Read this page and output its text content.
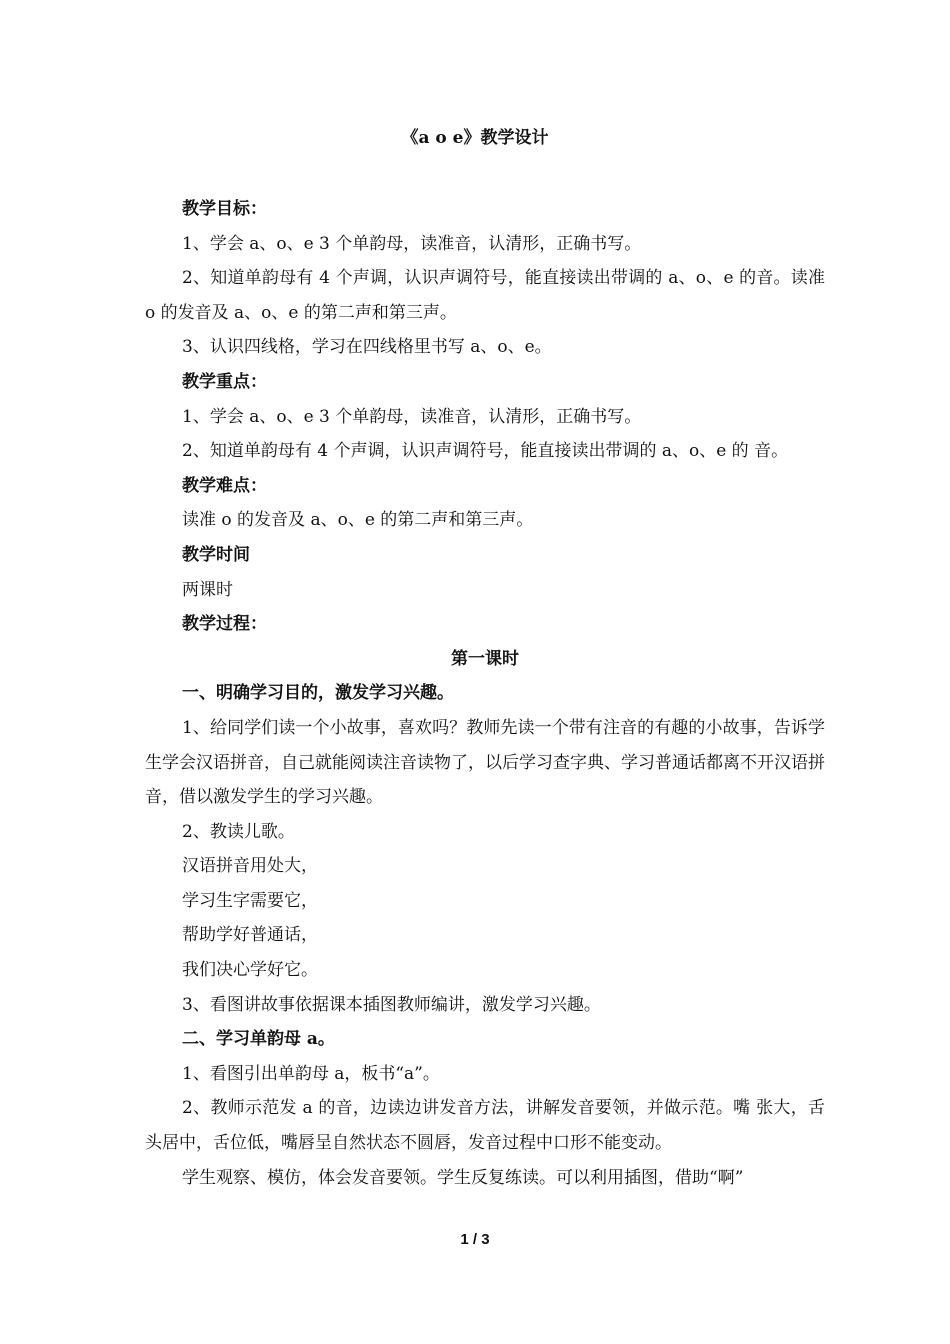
《a o e》教学设计

教学目标：

1、学会 a、o、e 3 个单韵母，读准音，认清形，正确书写。

2、知道单韵母有 4 个声调，认识声调符号，能直接读出带调的 a、o、e 的音。读准 o 的发音及 a、o、e 的第二声和第三声。

3、认识四线格，学习在四线格里书写 a、o、e。

教学重点：

1、学会 a、o、e 3 个单韵母，读准音，认清形，正确书写。

2、知道单韵母有 4 个声调，认识声调符号，能直接读出带调的 a、o、e 的 音。

教学难点：

读准 o 的发音及 a、o、e 的第二声和第三声。

教学时间

两课时

教学过程：

第一课时

一、明确学习目的，激发学习兴趣。

1、给同学们读一个小故事，喜欢吗？教师先读一个带有注音的有趣的小故事，告诉学生学会汉语拼音，自己就能阅读注音读物了，以后学习查字典、学习普通话都离不开汉语拼音，借以激发学生的学习兴趣。

2、教读儿歌。

汉语拼音用处大，

学习生字需要它，

帮助学好普通话，

我们决心学好它。

3、看图讲故事依据课本插图教师编讲，激发学习兴趣。

二、学习单韵母 a。

1、看图引出单韵母 a，板书“a”。

2、教师示范发 a 的音，边读边讲发音方法，讲解发音要领，并做示范。嘴 张大，舌头居中，舌位低，嘴唇呈自然状态不圆唇，发音过程中口形不能变动。

学生观察、模仿，体会发音要领。学生反复练读。可以利用插图，借助“啊”

1 / 3
